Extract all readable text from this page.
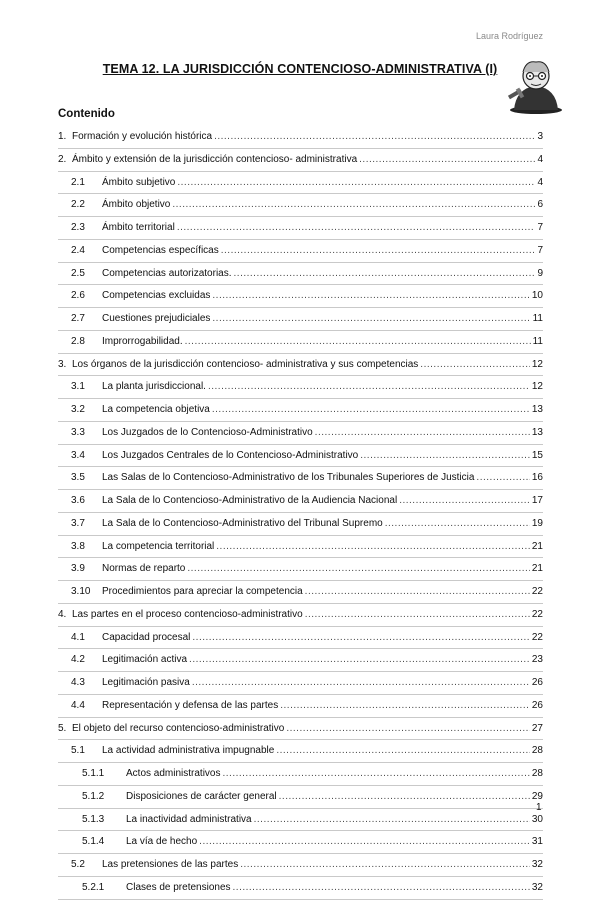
Laura Rodríguez
TEMA 12. LA JURISDICCIÓN CONTENCIOSO-ADMINISTRATIVA (I)
Contenido
1. Formación y evolución histórica .....	3
2. Ámbito y extensión de la jurisdicción contencioso- administrativa .....	4
2.1 Ámbito subjetivo .....	4
2.2 Ámbito objetivo .....	6
2.3 Ámbito territorial .....	7
2.4 Competencias específicas .....	7
2.5 Competencias autorizatorias. .....	9
2.6 Competencias excluidas .....	10
2.7 Cuestiones prejudiciales .....	11
2.8 Improrrogabilidad. .....	11
3. Los órganos de la jurisdicción contencioso- administrativa y sus competencias .....	12
3.1 La planta jurisdiccional. .....	12
3.2 La competencia objetiva .....	13
3.3 Los Juzgados de lo Contencioso-Administrativo .....	13
3.4 Los Juzgados Centrales de lo Contencioso-Administrativo .....	15
3.5 Las Salas de lo Contencioso-Administrativo de los Tribunales Superiores de Justicia .....	16
3.6 La Sala de lo Contencioso-Administrativo de la Audiencia Nacional .....	17
3.7 La Sala de lo Contencioso-Administrativo del Tribunal Supremo .....	19
3.8 La competencia territorial .....	21
3.9 Normas de reparto .....	21
3.10 Procedimientos para apreciar la competencia .....	22
4. Las partes en el proceso contencioso-administrativo .....	22
4.1 Capacidad procesal .....	22
4.2 Legitimación activa .....	23
4.3 Legitimación pasiva .....	26
4.4 Representación y defensa de las partes .....	26
5. El objeto del recurso contencioso-administrativo .....	27
5.1 La actividad administrativa impugnable .....	28
5.1.1 Actos administrativos .....	28
5.1.2 Disposiciones de carácter general .....	29
5.1.3 La inactividad administrativa .....	30
5.1.4 La vía de hecho .....	31
5.2 Las pretensiones de las partes .....	32
5.2.1 Clases de pretensiones .....	32
1
